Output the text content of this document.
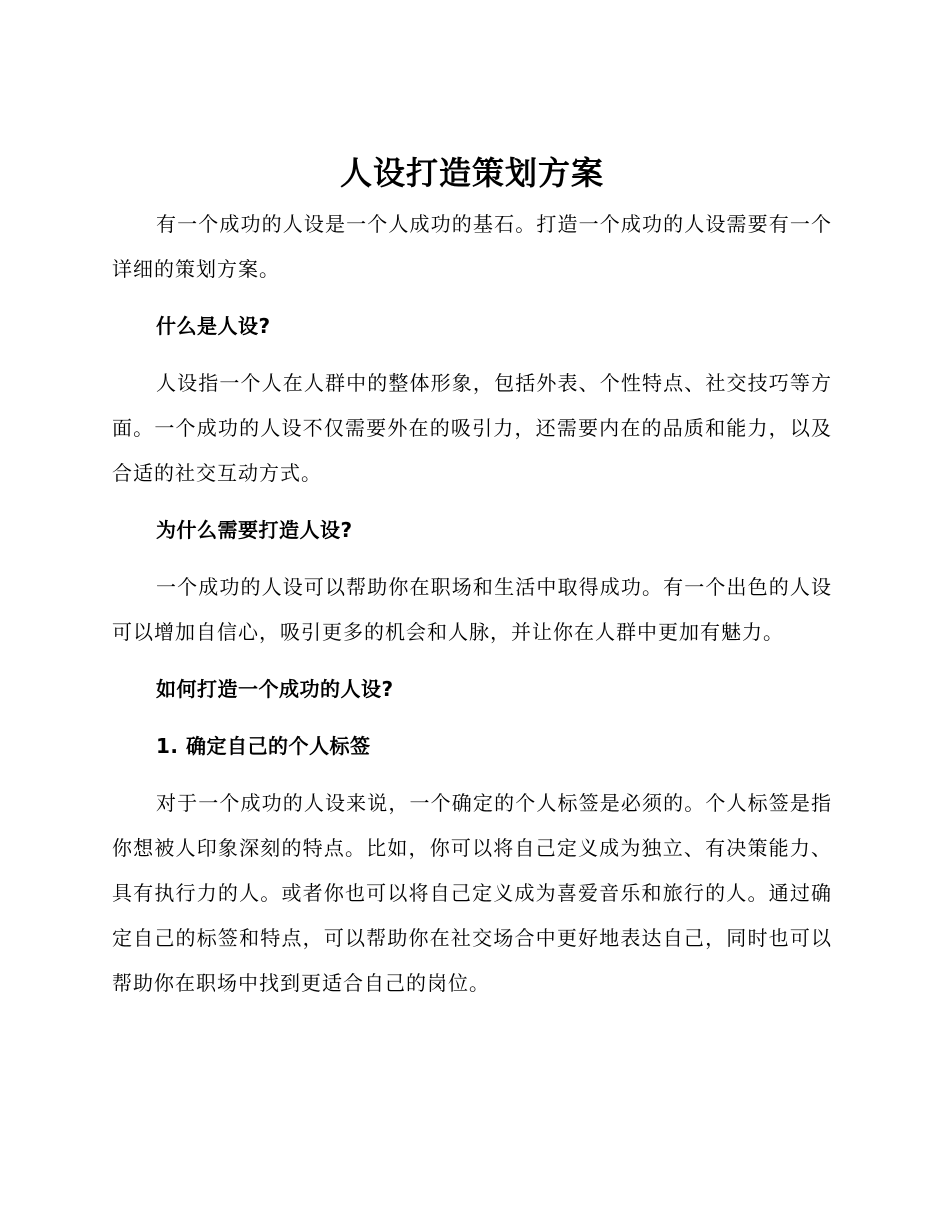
人设打造策划方案

有一个成功的人设是一个人成功的基石。打造一个成功的人设需要有一个详细的策划方案。

什么是人设?

人设指一个人在人群中的整体形象，包括外表、个性特点、社交技巧等方面。一个成功的人设不仅需要外在的吸引力，还需要内在的品质和能力，以及合适的社交互动方式。

为什么需要打造人设?

一个成功的人设可以帮助你在职场和生活中取得成功。有一个出色的人设可以增加自信心，吸引更多的机会和人脉，并让你在人群中更加有魅力。

如何打造一个成功的人设?

1. 确定自己的个人标签

对于一个成功的人设来说，一个确定的个人标签是必须的。个人标签是指你想被人印象深刻的特点。比如，你可以将自己定义成为独立、有决策能力、具有执行力的人。或者你也可以将自己定义成为喜爱音乐和旅行的人。通过确定自己的标签和特点，可以帮助你在社交场合中更好地表达自己，同时也可以帮助你在职场中找到更适合自己的岗位。
